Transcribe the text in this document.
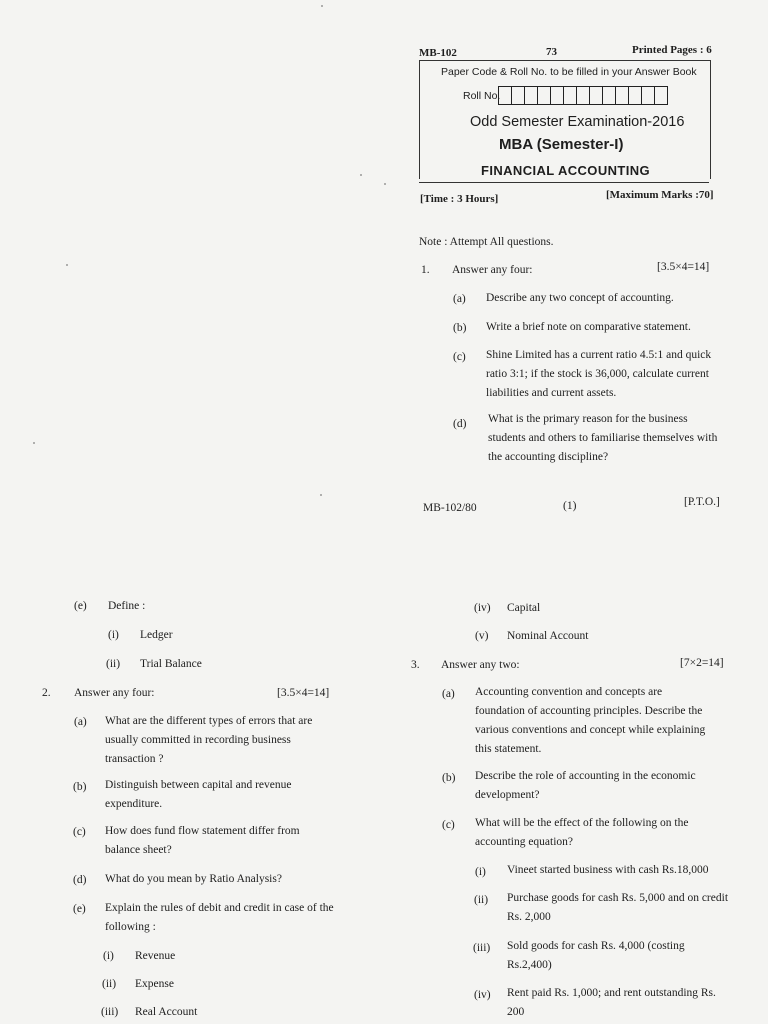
MB-102	73	Printed Pages : 6
Paper Code & Roll No. to be filled in your Answer Book
Roll No.
Odd Semester Examination-2016
MBA (Semester-I)
FINANCIAL ACCOUNTING
[Time : 3 Hours]	[Maximum Marks :70]
Note : Attempt All questions.
1. Answer any four:	[3.5×4=14]
(a) Describe any two concept of accounting.
(b) Write a brief note on comparative statement.
(c) Shine Limited has a current ratio 4.5:1 and quick ratio 3:1; if the stock is 36,000, calculate current liabilities and current assets.
(d) What is the primary reason for the business students and others to familiarise themselves with the accounting discipline?
MB-102/80	(1)	[P.T.O.]
(e) Define :
(i) Ledger
(ii) Trial Balance
2. Answer any four:	[3.5×4=14]
(a) What are the different types of errors that are usually committed in recording business transaction ?
(b) Distinguish between capital and revenue expenditure.
(c) How does fund flow statement differ from balance sheet?
(d) What do you mean by Ratio Analysis?
(e) Explain the rules of debit and credit in case of the following :
(i) Revenue
(ii) Expense
(iii) Real Account
(iv) Capital
(v) Nominal Account
3. Answer any two:	[7×2=14]
(a) Accounting convention and concepts are foundation of accounting principles. Describe the various conventions and concept while explaining this statement.
(b) Describe the role of accounting in the economic development?
(c) What will be the effect of the following on the accounting equation?
(i) Vineet started business with cash Rs.18,000
(ii) Purchase goods for cash Rs. 5,000 and on credit Rs. 2,000
(iii) Sold goods for cash Rs. 4,000 (costing Rs.2,400)
(iv) Rent paid Rs. 1,000; and rent outstanding Rs. 200
